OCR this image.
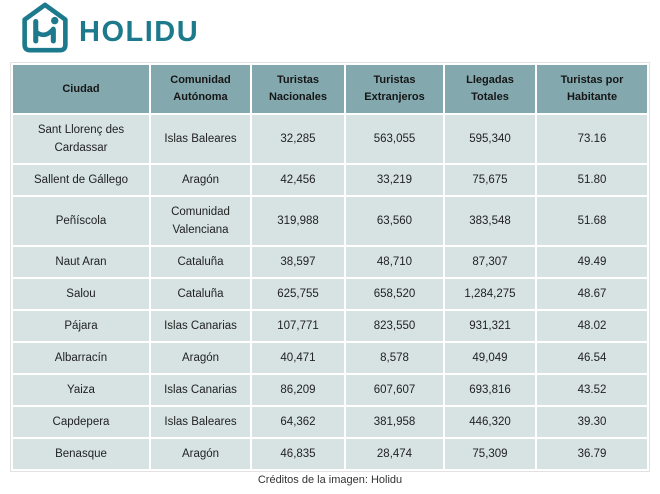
HOLIDU
Ciudad	Comunidad Autónoma	Turistas Nacionales	Turistas Extranjeros	Llegadas Totales	Turistas por Habitante
Sant Llorenç des Cardassar	Islas Baleares	32,285	563,055	595,340	73.16
Sallent de Gállego	Aragón	42,456	33,219	75,675	51.80
Peñíscola	Comunidad Valenciana	319,988	63,560	383,548	51.68
Naut Aran	Cataluña	38,597	48,710	87,307	49.49
Salou	Cataluña	625,755	658,520	1,284,275	48.67
Pájara	Islas Canarias	107,771	823,550	931,321	48.02
Albarracín	Aragón	40,471	8,578	49,049	46.54
Yaiza	Islas Canarias	86,209	607,607	693,816	43.52
Capdepera	Islas Baleares	64,362	381,958	446,320	39.30
Benasque	Aragón	46,835	28,474	75,309	36.79
Créditos de la imagen: Holidu
